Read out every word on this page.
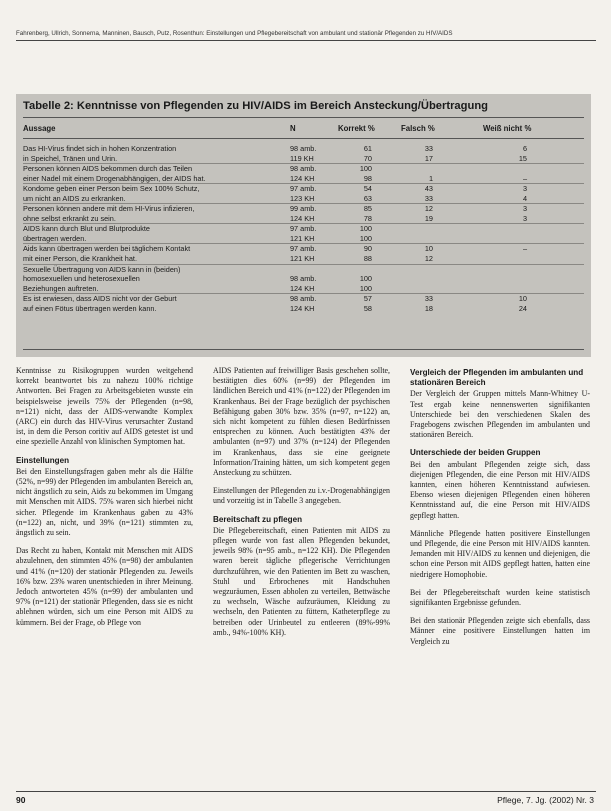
Fahrenberg, Ullrich, Sonnerna, Manninen, Bausch, Putz, Rosenthun: Einstellungen und Pflegebereitschaft von ambulant und stationär Pflegenden zu HIV/AIDS
Tabelle 2: Kenntnisse von Pflegenden zu HIV/AIDS im Bereich Ansteckung/Übertragung
Aussage	N	Korrekt %	Falsch %	Weiß nicht %
Das HI-Virus findet sich in hohen Konzentration	98 amb.	61	33	6
in Speichel, Tränen und Urin.	119 KH	70	17	15
Personen können AIDS bekommen durch das Teilen	98 amb.	100
einer Nadel mit einem Drogenabhängigen, der AIDS hat.	124 KH	98	1	–
Kondome geben einer Person beim Sex 100% Schutz,	97 amb.	54	43	3
um nicht an AIDS zu erkranken.	123 KH	63	33	4
Personen können andere mit dem HI-Virus infizieren,	99 amb.	85	12	3
ohne selbst erkrankt zu sein.	124 KH	78	19	3
AIDS kann durch Blut und Blutprodukte	97 amb.	100
übertragen werden.	121 KH	100
Aids kann übertragen werden bei täglichem Kontakt	97 amb.	90	10	–
mit einer Person, die Krankheit hat.	121 KH	88	12
Sexuelle Übertragung von AIDS kann in (beiden)
homosexuellen und heterosexuellen	98 amb.	100
Beziehungen auftreten.	124 KH	100
Es ist erwiesen, dass AIDS nicht vor der Geburt	98 amb.	57	33	10
auf einen Fötus übertragen werden kann.	124 KH	58	18	24

Kenntnisse zu Risikogruppen wurden weitgehend korrekt beantwortet bis zu nahezu 100% richtige Antworten. Bei Fragen zu Arbeitsgebieten wusste ein beispielsweise jeweils 75% der Pflegenden (n=98, n=121) nicht, dass der AIDS-verwandte Komplex (ARC) ein durch das HIV-Virus verursachter Zustand ist, in dem die Person coritiv auf AIDS getestet ist und eine spezielle Anzahl von klinischen Symptomen hat.

Einstellungen

Bei den Einstellungsfragen gaben mehr als die Hälfte (52%, n=99) der Pflegenden im ambulanten Bereich an, nicht ängstlich zu sein, Aids zu bekommen im Umgang mit Menschen mit AIDS. 75% waren sich hierbei nicht sicher. Pflegende im Krankenhaus gaben zu 43% (n=122) an, nicht, und 39% (n=121) stimmten zu, ängstlich zu sein.

Das Recht zu haben, Kontakt mit Menschen mit AIDS abzulehnen, den stimmten 45% (n=98) der ambulanten und 41% (n=120) der stationär Pflegenden zu. Jeweils 16% bzw. 23% waren unentschieden in ihrer Meinung. Jedoch antworteten 45% (n=99) der ambulanten und 97% (n=121) der stationär Pflegenden, dass sie es nicht ablehnen würden, sich um eine Person mit AIDS zu kümmern. Bei der Frage, ob Pflege von

AIDS Patienten auf freiwilliger Basis geschehen sollte, bestätigten dies 60% (n=99) der Pflegenden im ländlichen Bereich und 41% (n=122) der Pflegenden im Krankenhaus. Bei der Frage bezüglich der psychischen Befähigung gaben 30% bzw. 35% (n=97, n=122) an, sich nicht kompetent zu fühlen diesen Bedürfnissen entsprechen zu können. Auch bestätigten 43% der ambulanten (n=97) und 37% (n=124) der Pflegenden im Krankenhaus, dass sie eine geeignete Information/Training hätten, um sich kompetent gegen Ansteckung zu schützen.

Einstellungen der Pflegenden zu i.v.-Drogenabhängigen und vorzeitig ist in Tabelle 3 angegeben.

Bereitschaft zu pflegen

Die Pflegebereitschaft, einen Patienten mit AIDS zu pflegen wurde von fast allen Pflegenden bekundet, jeweils 98% (n=95 amb., n=122 KH). Die Pflegenden waren bereit tägliche pflegerische Verrichtungen durchzuführen, wie den Patienten im Bett zu waschen, Stuhl und Erbrochenes mit Handschuhen wegzuräumen, Essen abholen zu verteilen, Bettwäsche zu wechseln, Wäsche aufzuräumen, Kleidung zu wechseln, den Patienten zu füttern, Katheterpflege zu betreiben oder Urinbeutel zu entleeren (89%-99% amb., 94%-100% KH).

Vergleich der Pflegenden im ambulanten und stationären Bereich

Der Vergleich der Gruppen mittels Mann-Whitney U-Test ergab keine nennenswerten signifikanten Unterschiede bei den verschiedenen Skalen des Fragebogens zwischen Pflegenden im ambulanten und stationären Bereich.

Unterschiede der beiden Gruppen

Bei den ambulant Pflegenden zeigte sich, dass diejenigen Pflegenden, die eine Person mit HIV/AIDS kannten, einen höheren Kenntnisstand aufwiesen. Ebenso wiesen diejenigen Pflegenden einen höheren Kenntnisstand auf, die eine Person mit HIV/AIDS gepflegt hatten.

Männliche Pflegende hatten positivere Einstellungen und Pflegende, die eine Person mit HIV/AIDS kannten. Jemanden mit HIV/AIDS zu kennen und diejenigen, die schon eine Person mit AIDS gepflegt hatten, hatten eine niedrigere Homophobie.

Bei der Pflegebereitschaft wurden keine statistisch signifikanten Ergebnisse gefunden.

Bei den stationär Pflegenden zeigte sich ebenfalls, dass Männer eine positivere Einstellungen hatten im Vergleich zu

90	Pflege, 7. Jg. (2002) Nr. 3
